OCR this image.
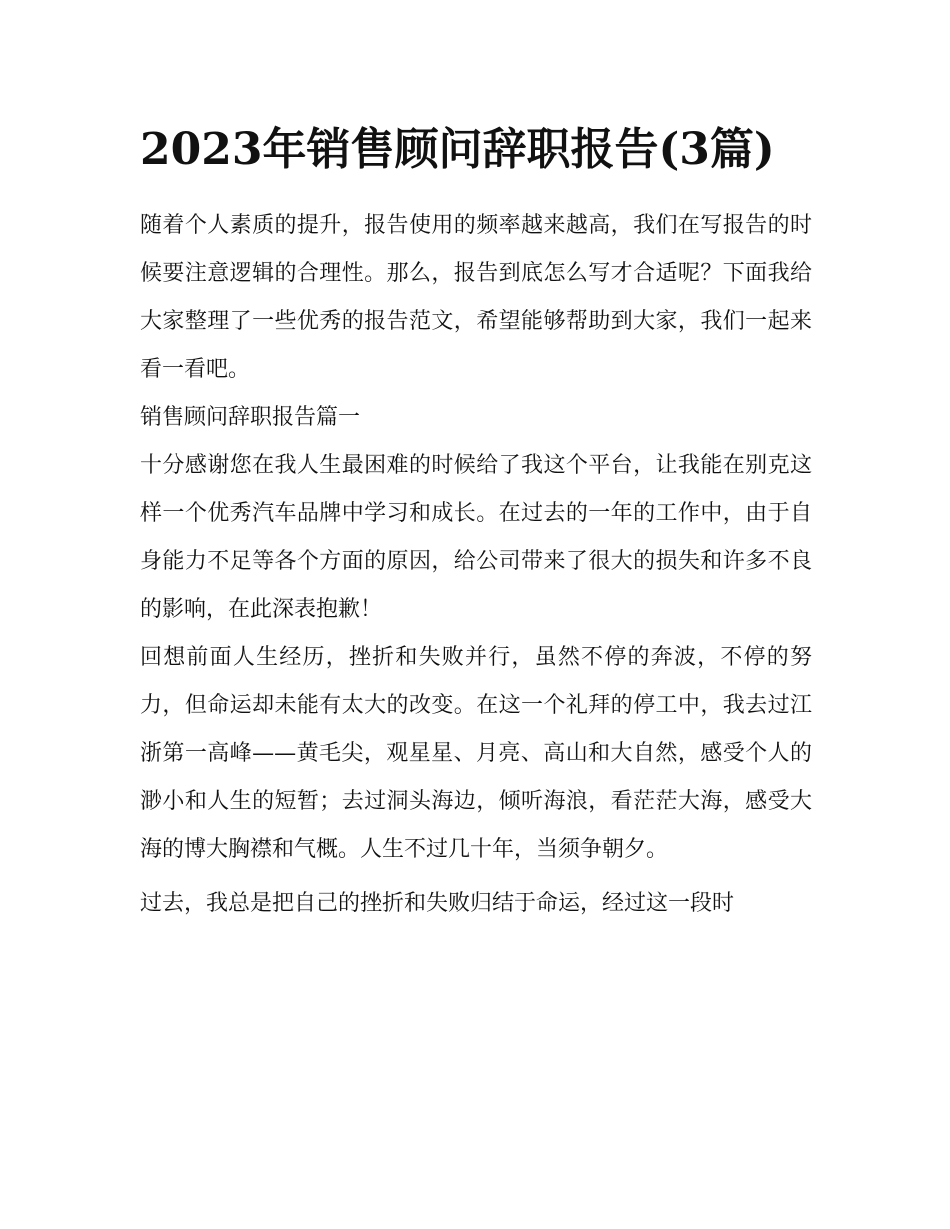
2023年销售顾问辞职报告(3篇)

随着个人素质的提升，报告使用的频率越来越高，我们在写报告的时候要注意逻辑的合理性。那么，报告到底怎么写才合适呢？下面我给大家整理了一些优秀的报告范文，希望能够帮助到大家，我们一起来看一看吧。

销售顾问辞职报告篇一

十分感谢您在我人生最困难的时候给了我这个平台，让我能在别克这样一个优秀汽车品牌中学习和成长。在过去的一年的工作中，由于自身能力不足等各个方面的原因，给公司带来了很大的损失和许多不良的影响，在此深表抱歉！

回想前面人生经历，挫折和失败并行，虽然不停的奔波，不停的努力，但命运却未能有太大的改变。在这一个礼拜的停工中，我去过江浙第一高峰——黄毛尖，观星星、月亮、高山和大自然，感受个人的渺小和人生的短暂；去过洞头海边，倾听海浪，看茫茫大海，感受大海的博大胸襟和气概。人生不过几十年，当须争朝夕。

过去，我总是把自己的挫折和失败归结于命运，经过这一段时
